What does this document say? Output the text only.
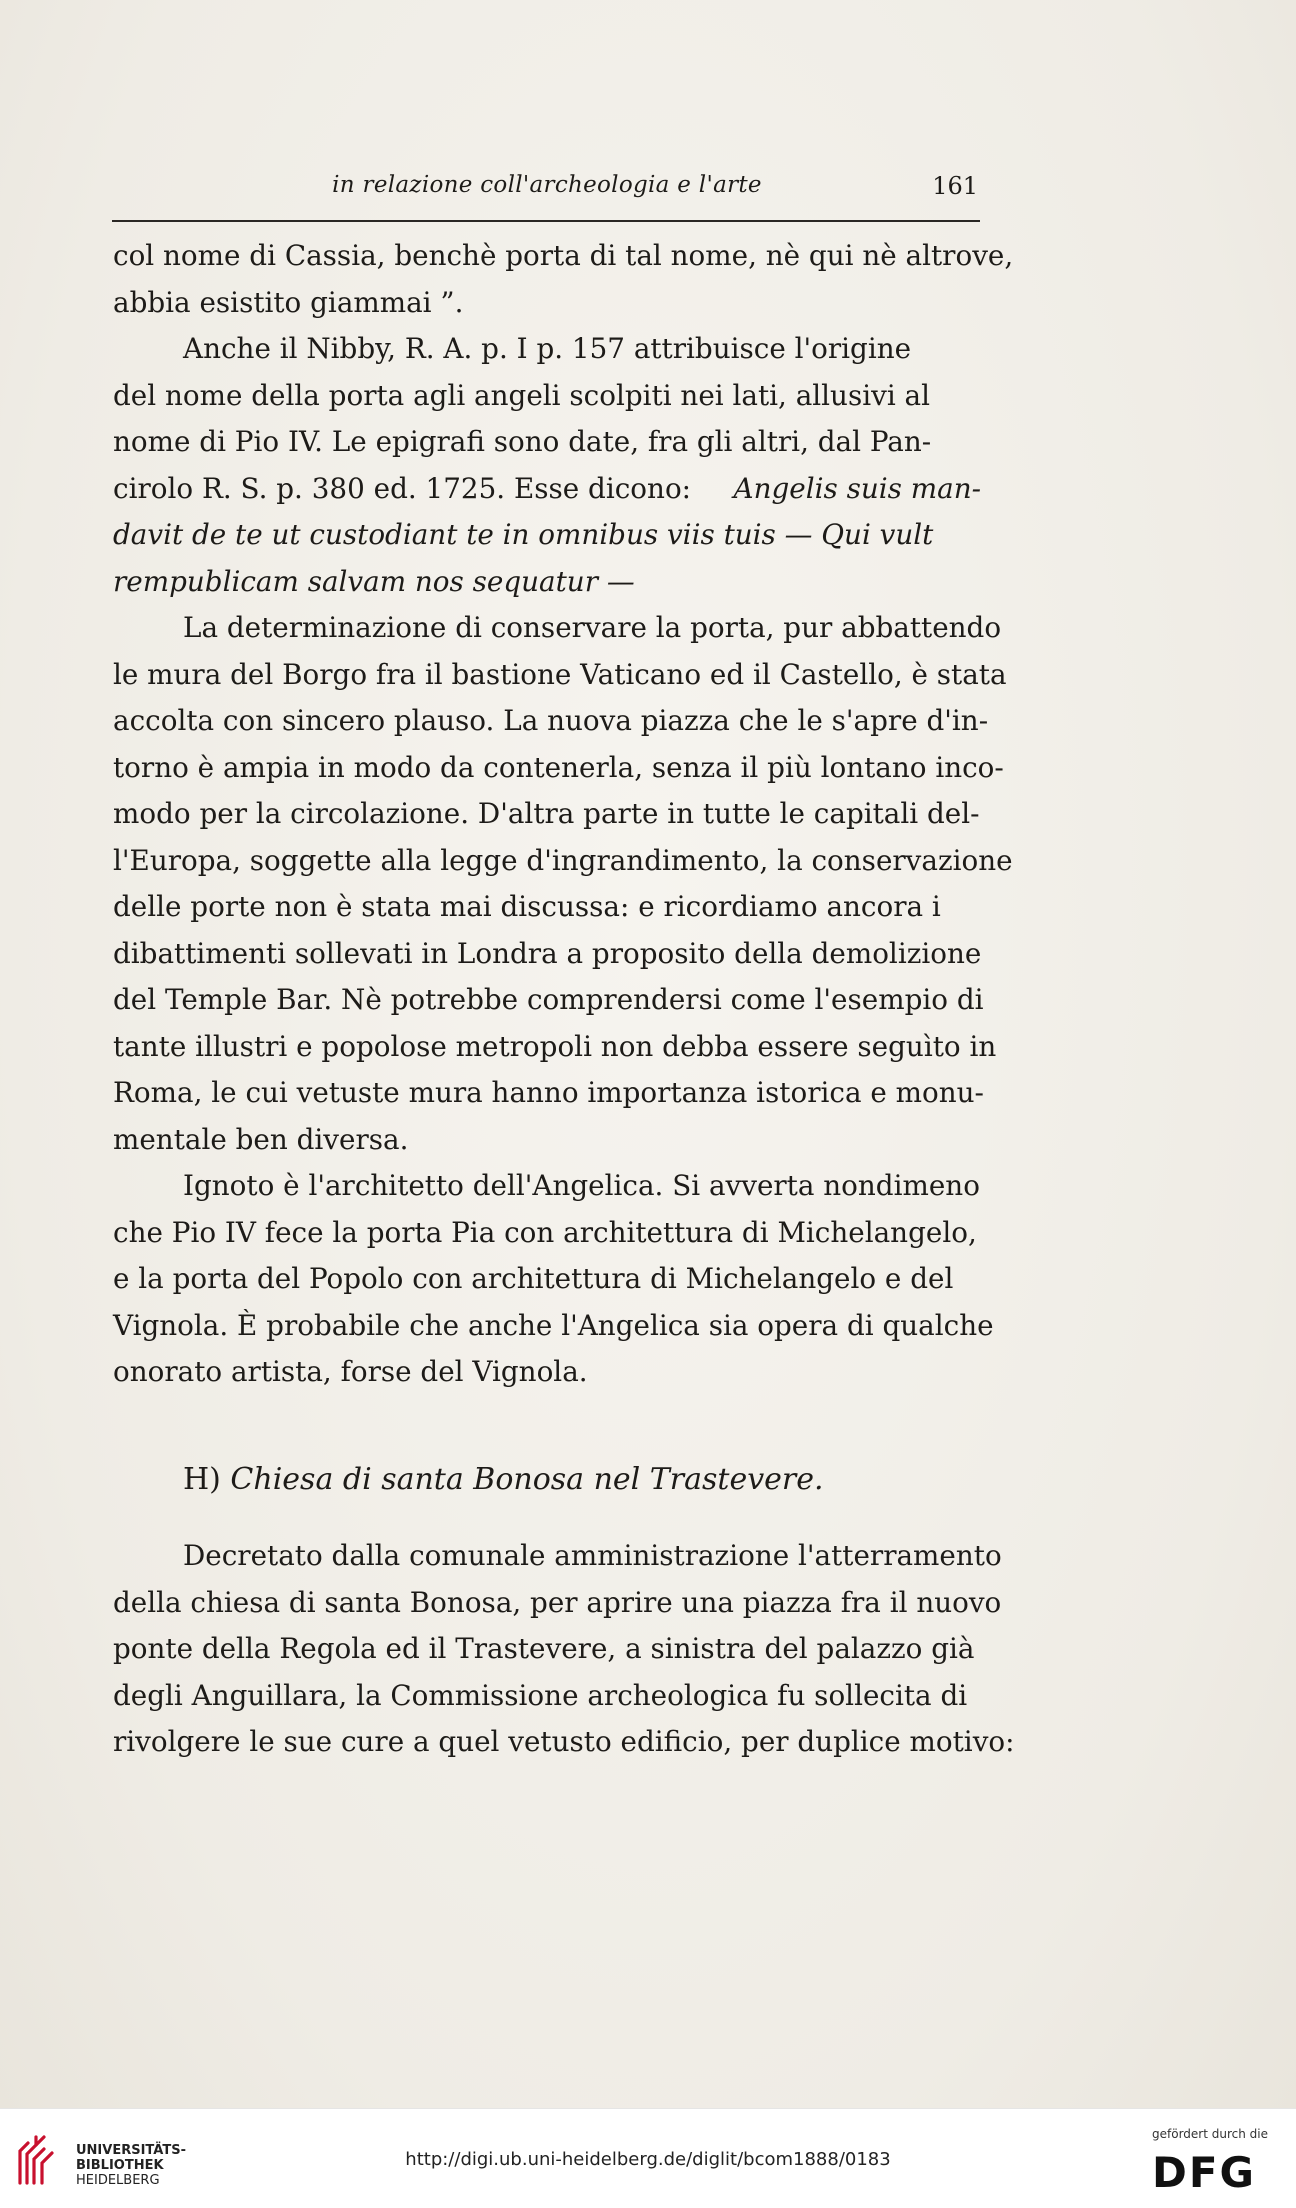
in relazione coll'archeologia e l'arte	161
col nome di Cassia, benchè porta di tal nome, nè qui nè altrove,
abbia esistito giammai ”.
Anche il Nibby, R. A. p. I p. 157 attribuisce l'origine
del nome della porta agli angeli scolpiti nei lati, allusivi al
nome di Pio IV. Le epigrafi sono date, fra gli altri, dal Pan-
cirolo R. S. p. 380 ed. 1725. Esse dicono: Angelis suis man-
davit de te ut custodiant te in omnibus viis tuis — Qui vult
rempublicam salvam nos sequatur —
La determinazione di conservare la porta, pur abbattendo
le mura del Borgo fra il bastione Vaticano ed il Castello, è stata
accolta con sincero plauso. La nuova piazza che le s'apre d'in-
torno è ampia in modo da contenerla, senza il più lontano inco-
modo per la circolazione. D'altra parte in tutte le capitali del-
l'Europa, soggette alla legge d'ingrandimento, la conservazione
delle porte non è stata mai discussa: e ricordiamo ancora i
dibattimenti sollevati in Londra a proposito della demolizione
del Temple Bar. Nè potrebbe comprendersi come l'esempio di
tante illustri e popolose metropoli non debba essere seguìto in
Roma, le cui vetuste mura hanno importanza istorica e monu-
mentale ben diversa.
Ignoto è l'architetto dell'Angelica. Si avverta nondimeno
che Pio IV fece la porta Pia con architettura di Michelangelo,
e la porta del Popolo con architettura di Michelangelo e del
Vignola. È probabile che anche l'Angelica sia opera di qualche
onorato artista, forse del Vignola.
H) Chiesa di santa Bonosa nel Trastevere.
Decretato dalla comunale amministrazione l'atterramento
della chiesa di santa Bonosa, per aprire una piazza fra il nuovo
ponte della Regola ed il Trastevere, a sinistra del palazzo già
degli Anguillara, la Commissione archeologica fu sollecita di
rivolgere le sue cure a quel vetusto edificio, per duplice motivo:
UNIVERSITÄTS-
BIBLIOTHEK
HEIDELBERG
http://digi.ub.uni-heidelberg.de/diglit/bcom1888/0183
gefördert durch die
DFG
